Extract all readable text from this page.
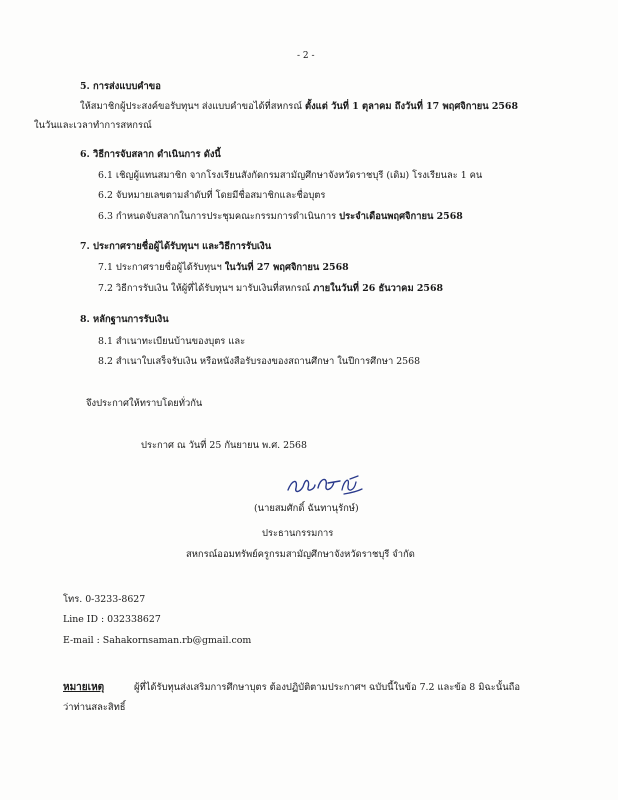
- 2 -
5. การส่งแบบคำขอ
ให้สมาชิกผู้ประสงค์ขอรับทุนฯ ส่งแบบคำขอได้ที่สหกรณ์ ตั้งแต่ วันที่ 1 ตุลาคม ถึงวันที่ 17 พฤศจิกายน 2568
ในวันและเวลาทำการสหกรณ์
6. วิธีการจับสลาก ดำเนินการ ดังนี้
6.1 เชิญผู้แทนสมาชิก จากโรงเรียนสังกัดกรมสามัญศึกษาจังหวัดราชบุรี (เดิม) โรงเรียนละ 1 คน
6.2 จับหมายเลขตามลำดับที่ โดยมีชื่อสมาชิกและชื่อบุตร
6.3 กำหนดจับสลากในการประชุมคณะกรรมการดำเนินการ ประจำเดือนพฤศจิกายน 2568
7. ประกาศรายชื่อผู้ได้รับทุนฯ และวิธีการรับเงิน
7.1 ประกาศรายชื่อผู้ได้รับทุนฯ ในวันที่ 27 พฤศจิกายน 2568
7.2 วิธีการรับเงิน ให้ผู้ที่ได้รับทุนฯ มารับเงินที่สหกรณ์ ภายในวันที่ 26 ธันวาคม 2568
8. หลักฐานการรับเงิน
8.1 สำเนาทะเบียนบ้านของบุตร และ
8.2 สำเนาใบเสร็จรับเงิน หรือหนังสือรับรองของสถานศึกษา ในปีการศึกษา 2568
จึงประกาศให้ทราบโดยทั่วกัน
ประกาศ ณ วันที่ 25 กันยายน พ.ศ. 2568
(นายสมศักดิ์ ฉันทานุรักษ์)
ประธานกรรมการ
สหกรณ์ออมทรัพย์ครูกรมสามัญศึกษาจังหวัดราชบุรี จำกัด
โทร. 0-3233-8627
Line ID : 032338627
E-mail : Sahakornsaman.rb@gmail.com
หมายเหตุ	ผู้ที่ได้รับทุนส่งเสริมการศึกษาบุตร ต้องปฏิบัติตามประกาศฯ ฉบับนี้ในข้อ 7.2 และข้อ 8 มิฉะนั้นถือ
ว่าท่านสละสิทธิ์
